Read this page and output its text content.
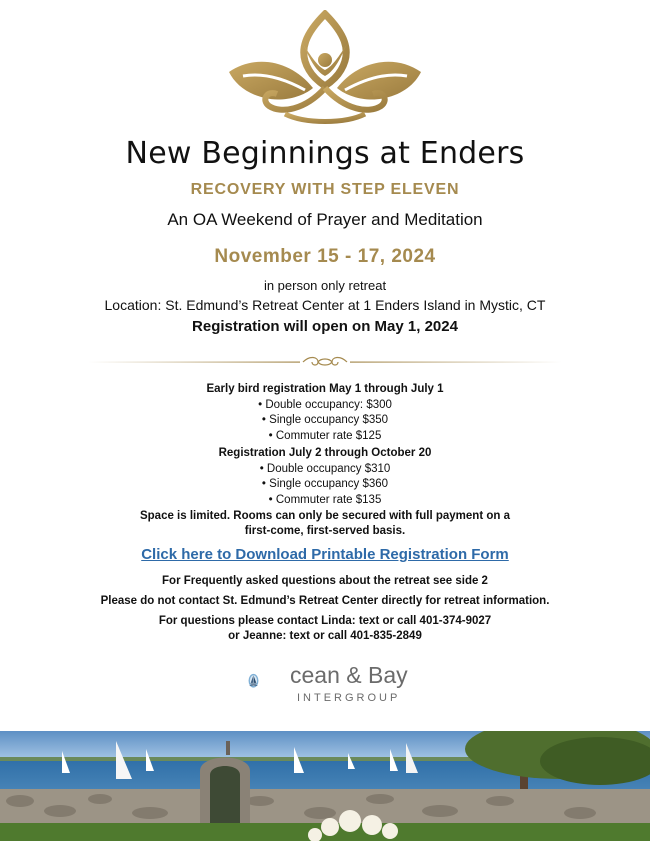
New Beginnings at Enders
RECOVERY WITH STEP ELEVEN
An OA Weekend of Prayer and Meditation
November 15 - 17, 2024
in person only retreat
Location: St. Edmund’s Retreat Center at 1 Enders Island in Mystic, CT
Registration will open on May 1, 2024
Early bird registration May 1 through July 1
• Double occupancy: $300
• Single occupancy $350
• Commuter rate $125
Registration July 2 through October 20
• Double occupancy $310
• Single occupancy $360
• Commuter rate $135
Space is limited. Rooms can only be secured with full payment on a
first-come, first-served basis.
Click here to Download Printable Registration Form
For Frequently asked questions about the retreat see side 2
Please do not contact St. Edmund’s Retreat Center directly for retreat information.
For questions please contact Linda: text or call 401-374-9027
or Jeanne: text or call 401-835-2849
cean & Bay
INTERGROUP
